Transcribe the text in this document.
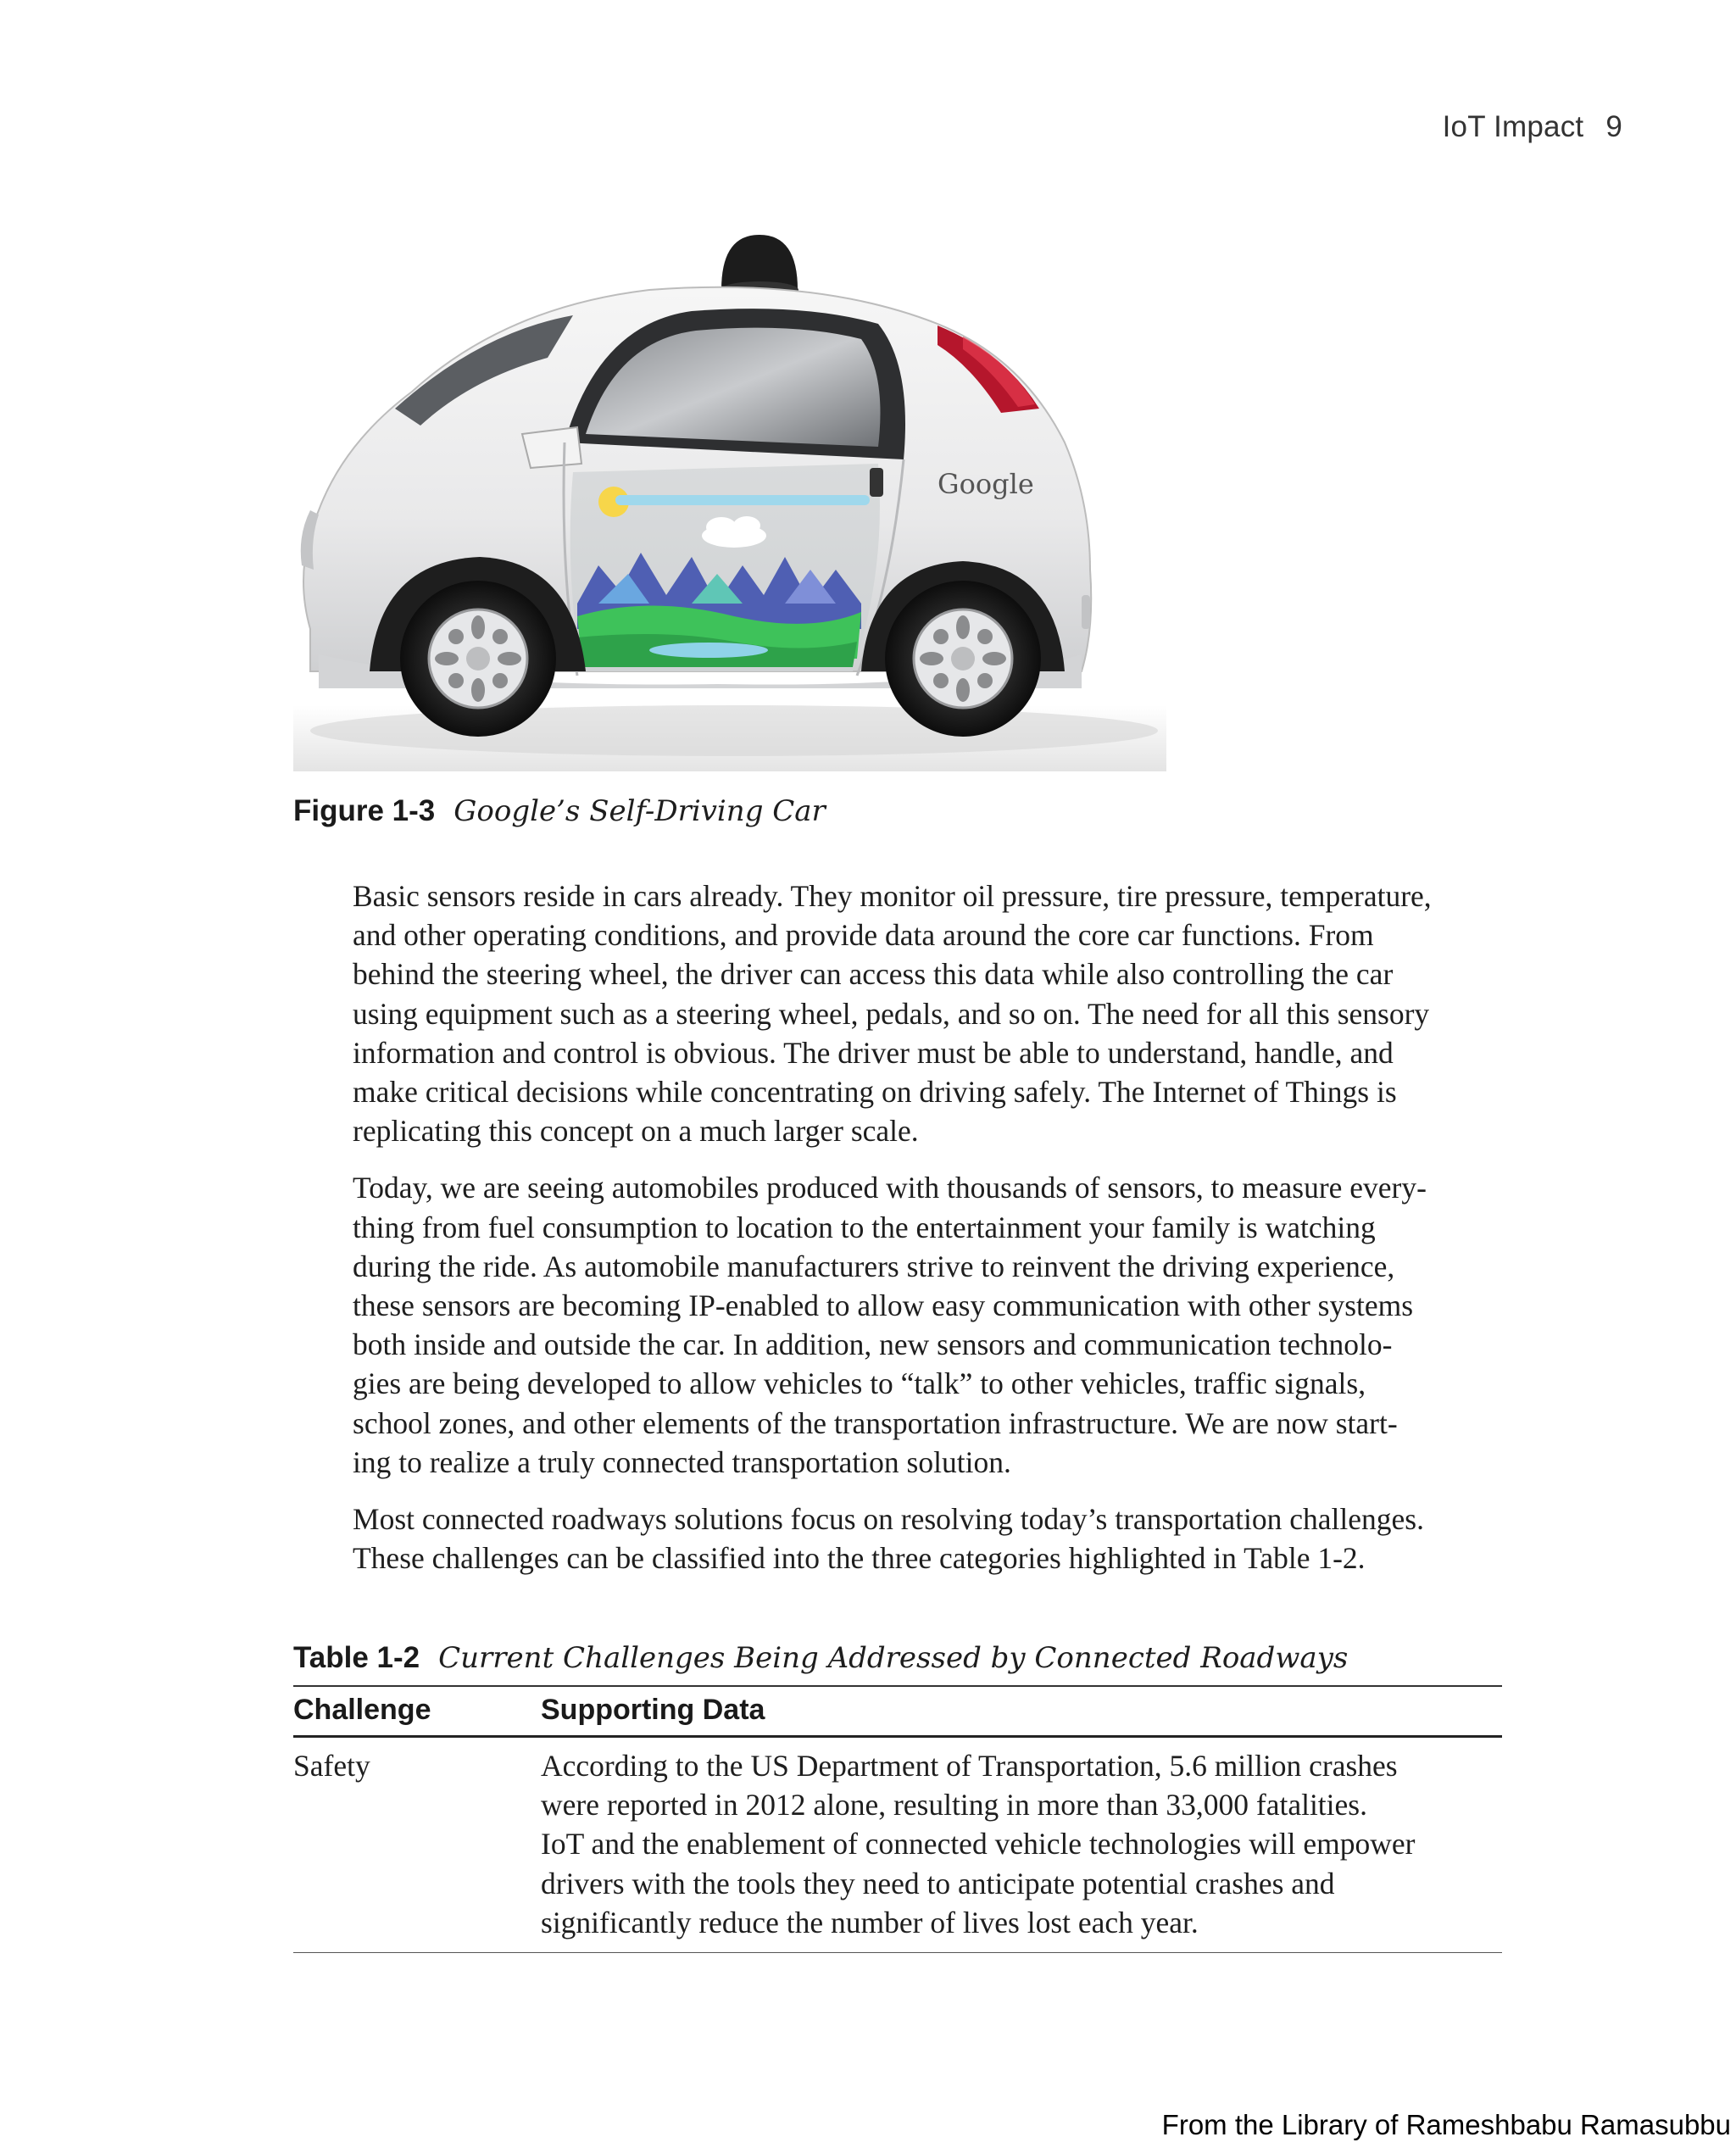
IoT Impact 9
Google
Figure 1-3 Google’s Self-Driving Car

Basic sensors reside in cars already. They monitor oil pressure, tire pressure, temperature,
and other operating conditions, and provide data around the core car functions. From
behind the steering wheel, the driver can access this data while also controlling the car
using equipment such as a steering wheel, pedals, and so on. The need for all this sensory
information and control is obvious. The driver must be able to understand, handle, and
make critical decisions while concentrating on driving safely. The Internet of Things is
replicating this concept on a much larger scale.

Today, we are seeing automobiles produced with thousands of sensors, to measure every-
thing from fuel consumption to location to the entertainment your family is watching
during the ride. As automobile manufacturers strive to reinvent the driving experience,
these sensors are becoming IP-enabled to allow easy communication with other systems
both inside and outside the car. In addition, new sensors and communication technolo-
gies are being developed to allow vehicles to “talk” to other vehicles, traffic signals,
school zones, and other elements of the transportation infrastructure. We are now start-
ing to realize a truly connected transportation solution.

Most connected roadways solutions focus on resolving today’s transportation challenges.
These challenges can be classified into the three categories highlighted in Table 1-2.

Table 1-2 Current Challenges Being Addressed by Connected Roadways
Challenge	Supporting Data
Safety	According to the US Department of Transportation, 5.6 million crashes
were reported in 2012 alone, resulting in more than 33,000 fatalities.
IoT and the enablement of connected vehicle technologies will empower
drivers with the tools they need to anticipate potential crashes and
significantly reduce the number of lives lost each year.
From the Library of Rameshbabu Ramasubbu
